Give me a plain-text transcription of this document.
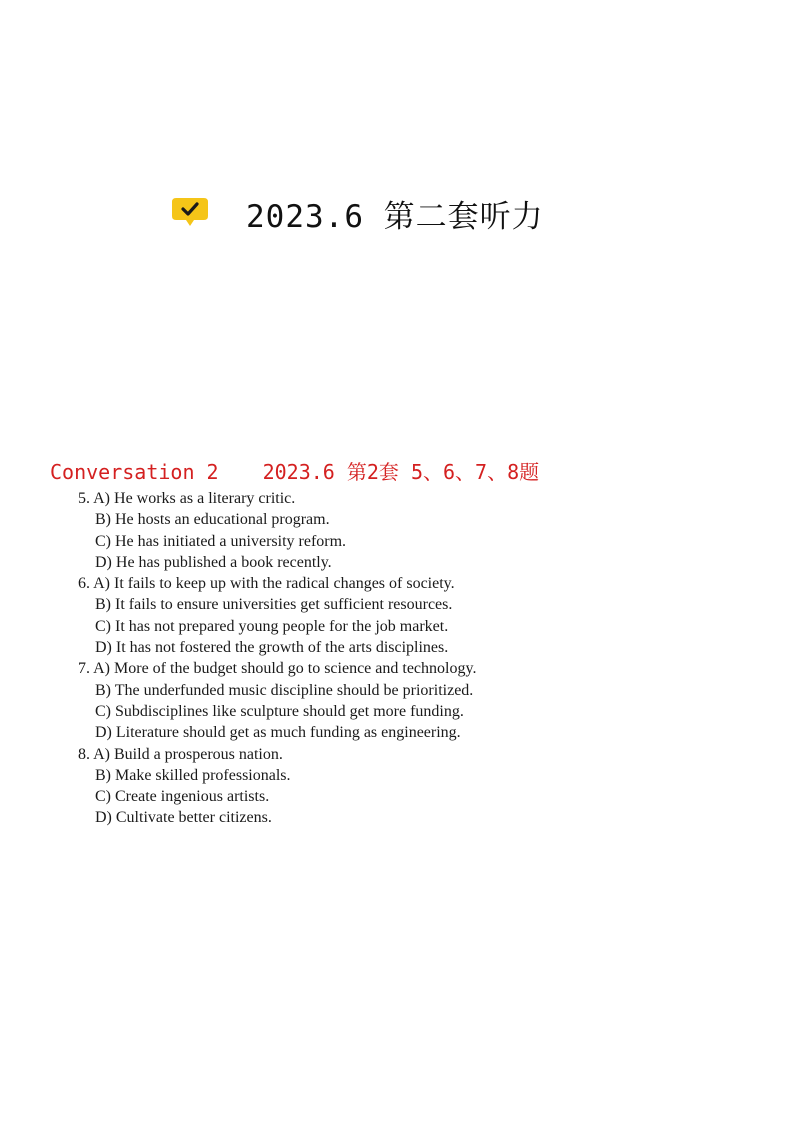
2023.6 第二套听力
Conversation 2 2023.6 第2套 5、6、7、8题
5. A) He works as a literary critic.
B) He hosts an educational program.
C) He has initiated a university reform.
D) He has published a book recently.
6. A) It fails to keep up with the radical changes of society.
B) It fails to ensure universities get sufficient resources.
C) It has not prepared young people for the job market.
D) It has not fostered the growth of the arts disciplines.
7. A) More of the budget should go to science and technology.
B) The underfunded music discipline should be prioritized.
C) Subdisciplines like sculpture should get more funding.
D) Literature should get as much funding as engineering.
8. A) Build a prosperous nation.
B) Make skilled professionals.
C) Create ingenious artists.
D) Cultivate better citizens.
